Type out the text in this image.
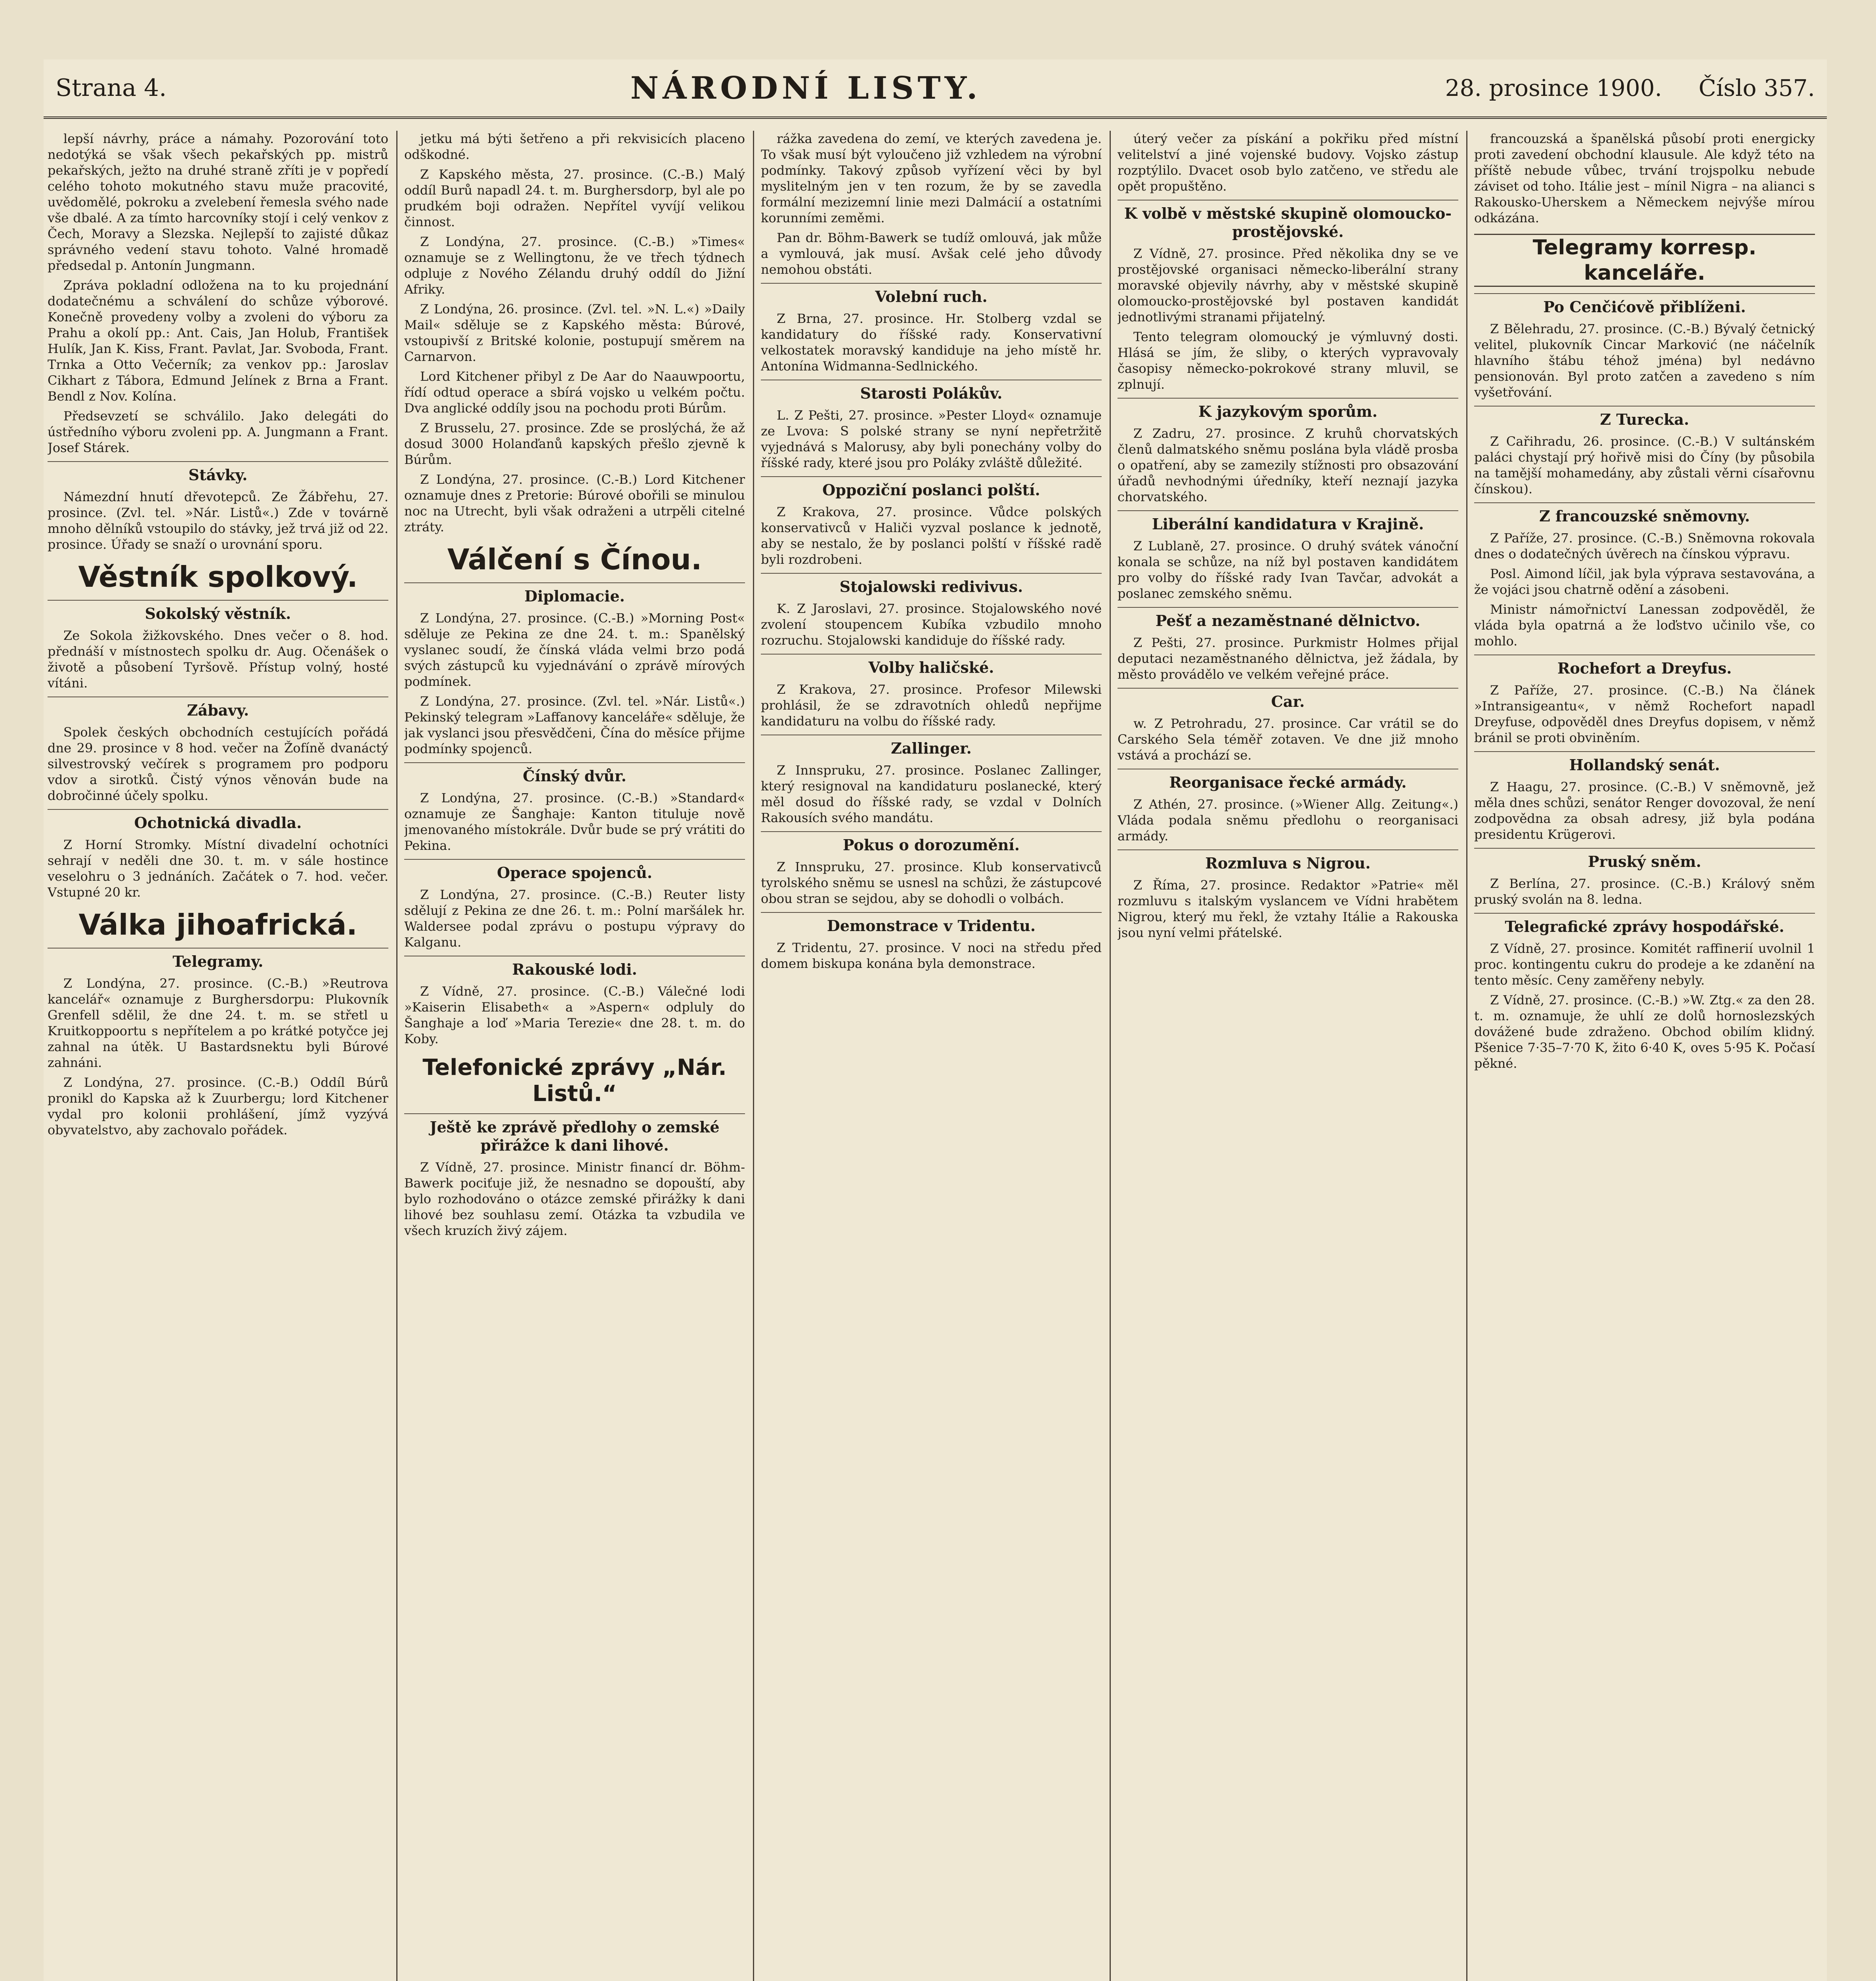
Strana 4.	NÁRODNÍ LISTY.	28. prosince 1900. Číslo 357.

lepší návrhy, práce a námahy. Pozorování toto nedotýká se však všech pekařských pp. mistrů pekařských, ježto na druhé straně zříti je v popředí celého tohoto mokutného stavu muže pracovité, uvědomělé, pokroku a zvelebení řemesla svého nade vše dbalé. A za tímto harcovníky stojí i celý venkov z Čech, Moravy a Slezska. Nejlepší to zajisté důkaz správného vedení stavu tohoto. Valné hromadě předsedal p. Antonín Jungmann.

Zpráva pokladní odložena na to ku projednání dodatečnému a schválení do schůze výborové. Konečně provedeny volby a zvoleni do výboru za Prahu a okolí pp.: Ant. Cais, Jan Holub, František Hulík, Jan K. Kiss, Frant. Pavlat, Jar. Svoboda, Frant. Trnka a Otto Večerník; za venkov pp.: Jaroslav Cikhart z Tábora, Edmund Jelínek z Brna a Frant. Bendl z Nov. Kolína.

Předsevzetí se schválilo. Jako delegáti do ústředního výboru zvoleni pp. A. Jungmann a Frant. Josef Stárek.

Stávky.

Námezdní hnutí dřevotepců. Ze Žábřehu, 27. prosince. (Zvl. tel. »Nár. Listů«.) Zde v továrně mnoho dělníků vstoupilo do stávky, jež trvá již od 22. prosince. Úřady se snaží o urovnání sporu.

Věstník spolkový.
Sokolský věstník.

Ze Sokola žižkovského. Dnes večer o 8. hod. přednáší v místnostech spolku dr. Aug. Očenášek o životě a působení Tyršově. Přístup volný, hosté vítáni.

Zábavy.

Spolek českých obchodních cestujících pořádá dne 29. prosince v 8 hod. večer na Žofíně dvanáctý silvestrovský večírek s programem pro podporu vdov a sirotků. Čistý výnos věnován bude na dobročinné účely spolku.

Ochotnická divadla.

Z Horní Stromky. Místní divadelní ochotníci sehrají v neděli dne 30. t. m. v sále hostince veselohru o 3 jednáních. Začátek o 7. hod. večer. Vstupné 20 kr.

Válka jihoafrická.
Telegramy.

Z Londýna, 27. prosince. (C.-B.) »Reutrova kancelář« oznamuje z Burghersdorpu: Plukovník Grenfell sdělil, že dne 24. t. m. se střetl u Kruitkoppoortu s nepřítelem a po krátké potyčce jej zahnal na útěk. U Bastardsnektu byli Búrové zahnáni.

Z Londýna, 27. prosince. (C.-B.) Oddíl Búrů pronikl do Kapska až k Zuurbergu; lord Kitchener vydal pro kolonii prohlášení, jímž vyzývá obyvatelstvo, aby zachovalo pořádek.

jetku má býti šetřeno a při rekvisicích placeno odškodné.

Z Kapského města, 27. prosince. (C.-B.) Malý oddíl Burů napadl 24. t. m. Burghersdorp, byl ale po prudkém boji odražen. Nepřítel vyvíjí velikou činnost.

Z Londýna, 27. prosince. (C.-B.) »Times« oznamuje se z Wellingtonu, že ve třech týdnech odpluje z Nového Zélandu druhý oddíl do Jižní Afriky.

Z Londýna, 26. prosince. (Zvl. tel. »N. L.«) »Daily Mail« sděluje se z Kapského města: Búrové, vstoupivší z Britské kolonie, postupují směrem na Carnarvon.

Lord Kitchener přibyl z De Aar do Naauwpoortu, řídí odtud operace a sbírá vojsko u velkém počtu. Dva anglické oddíly jsou na pochodu proti Búrům.

Z Brusselu, 27. prosince. Zde se proslýchá, že až dosud 3000 Holanďanů kapských přešlo zjevně k Búrům.

Z Londýna, 27. prosince. (C.-B.) Lord Kitchener oznamuje dnes z Pretorie: Búrové obořili se minulou noc na Utrecht, byli však odraženi a utrpěli citelné ztráty.

Válčení s Čínou.
Diplomacie.

Z Londýna, 27. prosince. (C.-B.) »Morning Post« sděluje ze Pekina ze dne 24. t. m.: Spanělský vyslanec soudí, že čínská vláda velmi brzo podá svých zástupců ku vyjednávání o zprávě mírových podmínek.

Z Londýna, 27. prosince. (Zvl. tel. »Nár. Listů«.) Pekinský telegram »Laffanovy kanceláře« sděluje, že jak vyslanci jsou přesvědčeni, Čína do měsíce přijme podmínky spojenců.

Čínský dvůr.

Z Londýna, 27. prosince. (C.-B.) »Standard« oznamuje ze Šanghaje: Kanton tituluje nově jmenovaného místokrále. Dvůr bude se prý vrátiti do Pekina.

Operace spojenců.

Z Londýna, 27. prosince. (C.-B.) Reuter listy sdělují z Pekina ze dne 26. t. m.: Polní maršálek hr. Waldersee podal zprávu o postupu výpravy do Kalganu.

Rakouské lodi.

Z Vídně, 27. prosince. (C.-B.) Válečné lodi »Kaiserin Elisabeth« a »Aspern« odpluly do Šanghaje a loď »Maria Terezie« dne 28. t. m. do Koby.

Telefonické zprávy „Nár. Listů.“
Ještě ke zprávě předlohy o zemské přirážce k dani lihové.

Z Vídně, 27. prosince. Ministr financí dr. Böhm-Bawerk pociťuje již, že nesnadno se dopouští, aby bylo rozhodováno o otázce zemské přirážky k dani lihové bez souhlasu zemí. Otázka ta vzbudila ve všech kruzích živý zájem.

rážka zavedena do zemí, ve kterých zavedena je. To však musí být vyloučeno již vzhledem na výrobní podmínky. Takový způsob vyřízení věci by byl myslitelným jen v ten rozum, že by se zavedla formální mezizemní linie mezi Dalmácií a ostatními korunními zeměmi.

Pan dr. Böhm-Bawerk se tudíž omlouvá, jak může a vymlouvá, jak musí. Avšak celé jeho důvody nemohou obstáti.

Volební ruch.

Z Brna, 27. prosince. Hr. Stolberg vzdal se kandidatury do říšské rady. Konservativní velkostatek moravský kandiduje na jeho místě hr. Antonína Widmanna-Sedlnického.

Starosti Polákův.

L. Z Pešti, 27. prosince. »Pester Lloyd« oznamuje ze Lvova: S polské strany se nyní nepřetržitě vyjednává s Malorusy, aby byli ponechány volby do říšské rady, které jsou pro Poláky zvláště důležité.

Oppoziční poslanci polští.

Z Krakova, 27. prosince. Vůdce polských konservativců v Haliči vyzval poslance k jednotě, aby se nestalo, že by poslanci polští v říšské radě byli rozdrobeni.

Stojalowski redivivus.

K. Z Jaroslavi, 27. prosince. Stojalowského nové zvolení stoupencem Kubíka vzbudilo mnoho rozruchu. Stojalowski kandiduje do říšské rady.

Volby haličské.

Z Krakova, 27. prosince. Profesor Milewski prohlásil, že se zdravotních ohledů nepřijme kandidaturu na volbu do říšské rady.

Zallinger.

Z Innspruku, 27. prosince. Poslanec Zallinger, který resignoval na kandidaturu poslanecké, který měl dosud do říšské rady, se vzdal v Dolních Rakousích svého mandátu.

Pokus o dorozumění.

Z Innspruku, 27. prosince. Klub konservativců tyrolského sněmu se usnesl na schůzi, že zástupcové obou stran se sejdou, aby se dohodli o volbách.

Demonstrace v Tridentu.

Z Tridentu, 27. prosince. V noci na středu před domem biskupa konána byla demonstrace.

úterý večer za pískání a pokřiku před místní velitelství a jiné vojenské budovy. Vojsko zástup rozptýlilo. Dvacet osob bylo zatčeno, ve středu ale opět propuštěno.

K volbě v městské skupině olomoucko-prostějovské.

Z Vídně, 27. prosince. Před několika dny se ve prostějovské organisaci německo-liberální strany moravské objevily návrhy, aby v městské skupině olomoucko-prostějovské byl postaven kandidát jednotlivými stranami přijatelný.

Tento telegram olomoucký je výmluvný dosti. Hlásá se jím, že sliby, o kterých vypravovaly časopisy německo-pokrokové strany mluvil, se zplnují.

K jazykovým sporům.

Z Zadru, 27. prosince. Z kruhů chorvatských členů dalmatského sněmu poslána byla vládě prosba o opatření, aby se zamezily stížnosti pro obsazování úřadů nevhodnými úředníky, kteří neznají jazyka chorvatského.

Liberální kandidatura v Krajině.

Z Lublaně, 27. prosince. O druhý svátek vánoční konala se schůze, na níž byl postaven kandidátem pro volby do říšské rady Ivan Tavčar, advokát a poslanec zemského sněmu.

Pešť a nezaměstnané dělnictvo.

Z Pešti, 27. prosince. Purkmistr Holmes přijal deputaci nezaměstnaného dělnictva, jež žádala, by město provádělo ve velkém veřejné práce.

Car.

w. Z Petrohradu, 27. prosince. Car vrátil se do Carského Sela téměř zotaven. Ve dne již mnoho vstává a prochází se.

Reorganisace řecké armády.

Z Athén, 27. prosince. (»Wiener Allg. Zeitung«.) Vláda podala sněmu předlohu o reorganisaci armády.

Rozmluva s Nigrou.

Z Říma, 27. prosince. Redaktor »Patrie« měl rozmluvu s italským vyslancem ve Vídni hrabětem Nigrou, který mu řekl, že vztahy Itálie a Rakouska jsou nyní velmi přátelské.

francouzská a španělská působí proti energicky proti zavedení obchodní klausule. Ale když této na příště nebude vůbec, trvání trojspolku nebude záviset od toho. Itálie jest – mínil Nigra – na alianci s Rakousko-Uherskem a Německem nejvýše mírou odkázána.

Telegramy korresp. kanceláře.
Po Cenčićově přiblíženi.

Z Bělehradu, 27. prosince. (C.-B.) Bývalý četnický velitel, plukovník Cincar Marković (ne náčelník hlavního štábu téhož jména) byl nedávno pensionován. Byl proto zatčen a zavedeno s ním vyšetřování.

Z Turecka.

Z Cařihradu, 26. prosince. (C.-B.) V sultánském paláci chystají prý hořivě misi do Číny (by působila na tamější mohamedány, aby zůstali věrni císařovnu čínskou).

Z francouzské sněmovny.

Z Paříže, 27. prosince. (C.-B.) Sněmovna rokovala dnes o dodatečných úvěrech na čínskou výpravu.

Posl. Aimond líčil, jak byla výprava sestavována, a že vojáci jsou chatrně odění a zásobeni.

Ministr námořnictví Lanessan zodpověděl, že vláda byla opatrná a že loďstvo učinilo vše, co mohlo.

Rochefort a Dreyfus.

Z Paříže, 27. prosince. (C.-B.) Na článek »Intransigeantu«, v němž Rochefort napadl Dreyfuse, odpověděl dnes Dreyfus dopisem, v němž bránil se proti obviněním.

Hollandský senát.

Z Haagu, 27. prosince. (C.-B.) V sněmovně, jež měla dnes schůzi, senátor Renger dovozoval, že není zodpovědna za obsah adresy, již byla podána presidentu Krügerovi.

Pruský sněm.

Z Berlína, 27. prosince. (C.-B.) Králový sněm pruský svolán na 8. ledna.

Telegrafické zprávy hospodářské.

Z Vídně, 27. prosince. Komitét raffinerií uvolnil 1 proc. kontingentu cukru do prodeje a ke zdanění na tento měsíc. Ceny zaměřeny nebyly.

Z Vídně, 27. prosince. (C.-B.) »W. Ztg.« za den 28. t. m. oznamuje, že uhlí ze dolů hornoslezských dovážené bude zdraženo. Obchod obilím klidný. Pšenice 7·35–7·70 K, žito 6·40 K, oves 5·95 K. Počasí pěkné.
